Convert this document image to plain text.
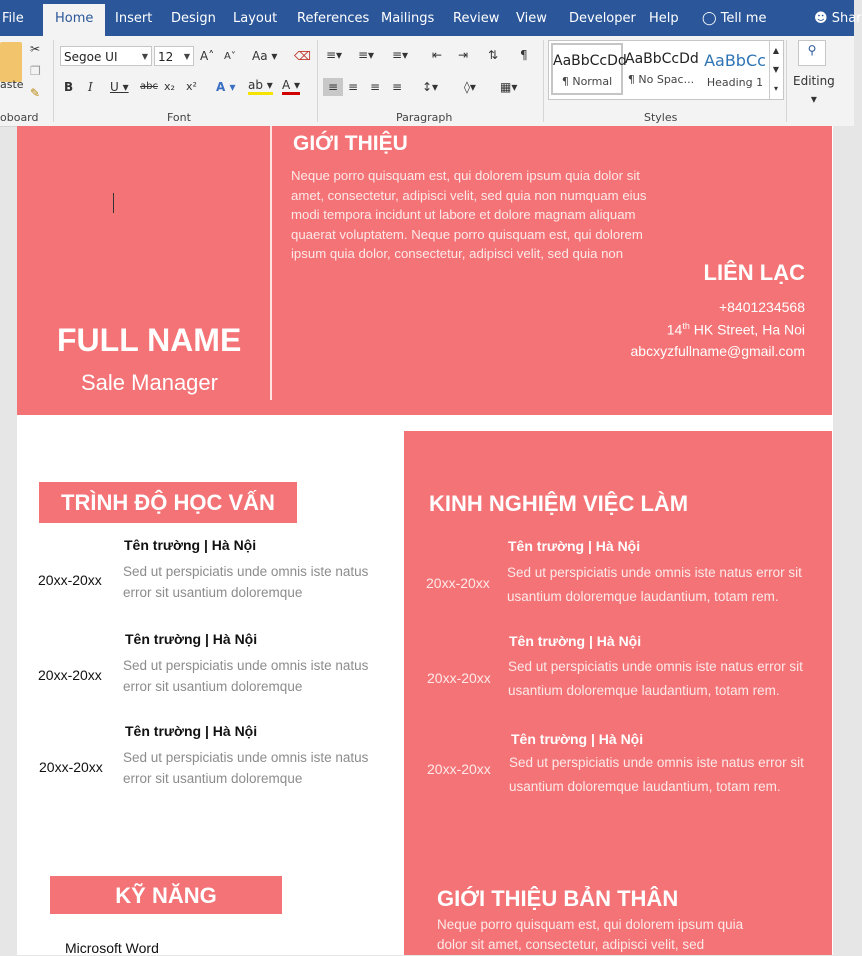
File	Home	Insert Design Layout References Mailings Review View Developer Help ◯ Tell me	☻ Shar
aste
✂
❐
✎
oboard
Segoe UI	▼ 12 ▼ A˄ A˅ Aa ▾ ⌫
B I U ▾ abc x₂ x² A ▾ ab ▾ A ▾
Font
≡▾ ≡▾ ≡▾ ⇤ ⇥ ⇅ ¶
≡ ≡ ≡ ≡ ↕▾ ◊▾ ▦▾
Paragraph
AaBbCcDd
¶ Normal
AaBbCcDd
¶ No Spac...
AaBbCc
Heading 1
▲
▼
▾
Styles
⚲
Editing
▾
FULL NAME
Sale Manager
GIỚI THIỆU
Neque porro quisquam est, qui dolorem ipsum quia dolor sit amet, consectetur, adipisci velit, sed quia non numquam eius modi tempora incidunt ut labore et dolore magnam aliquam quaerat voluptatem. Neque porro quisquam est, qui dolorem ipsum quia dolor, consectetur, adipisci velit, sed quia non
LIÊN LẠC
+8401234568
14th HK Street, Ha Noi
abcxyzfullname@gmail.com
TRÌNH ĐỘ HỌC VẤN
Tên trường | Hà Nội
20xx-20xx
Sed ut perspiciatis unde omnis iste natus error sit usantium doloremque
Tên trường | Hà Nội
20xx-20xx
Sed ut perspiciatis unde omnis iste natus error sit usantium doloremque
Tên trường | Hà Nội
20xx-20xx
Sed ut perspiciatis unde omnis iste natus error sit usantium doloremque
KINH NGHIỆM VIỆC LÀM
Tên trường | Hà Nội
20xx-20xx
Sed ut perspiciatis unde omnis iste natus error sit usantium doloremque laudantium, totam rem.
Tên trường | Hà Nội
20xx-20xx
Sed ut perspiciatis unde omnis iste natus error sit usantium doloremque laudantium, totam rem.
Tên trường | Hà Nội
20xx-20xx Sed ut perspiciatis unde omnis iste natus error sit usantium doloremque laudantium, totam rem.
KỸ NĂNG
Microsoft Word
GIỚI THIỆU BẢN THÂN
Neque porro quisquam est, qui dolorem ipsum quia dolor sit amet, consectetur, adipisci velit, sed
